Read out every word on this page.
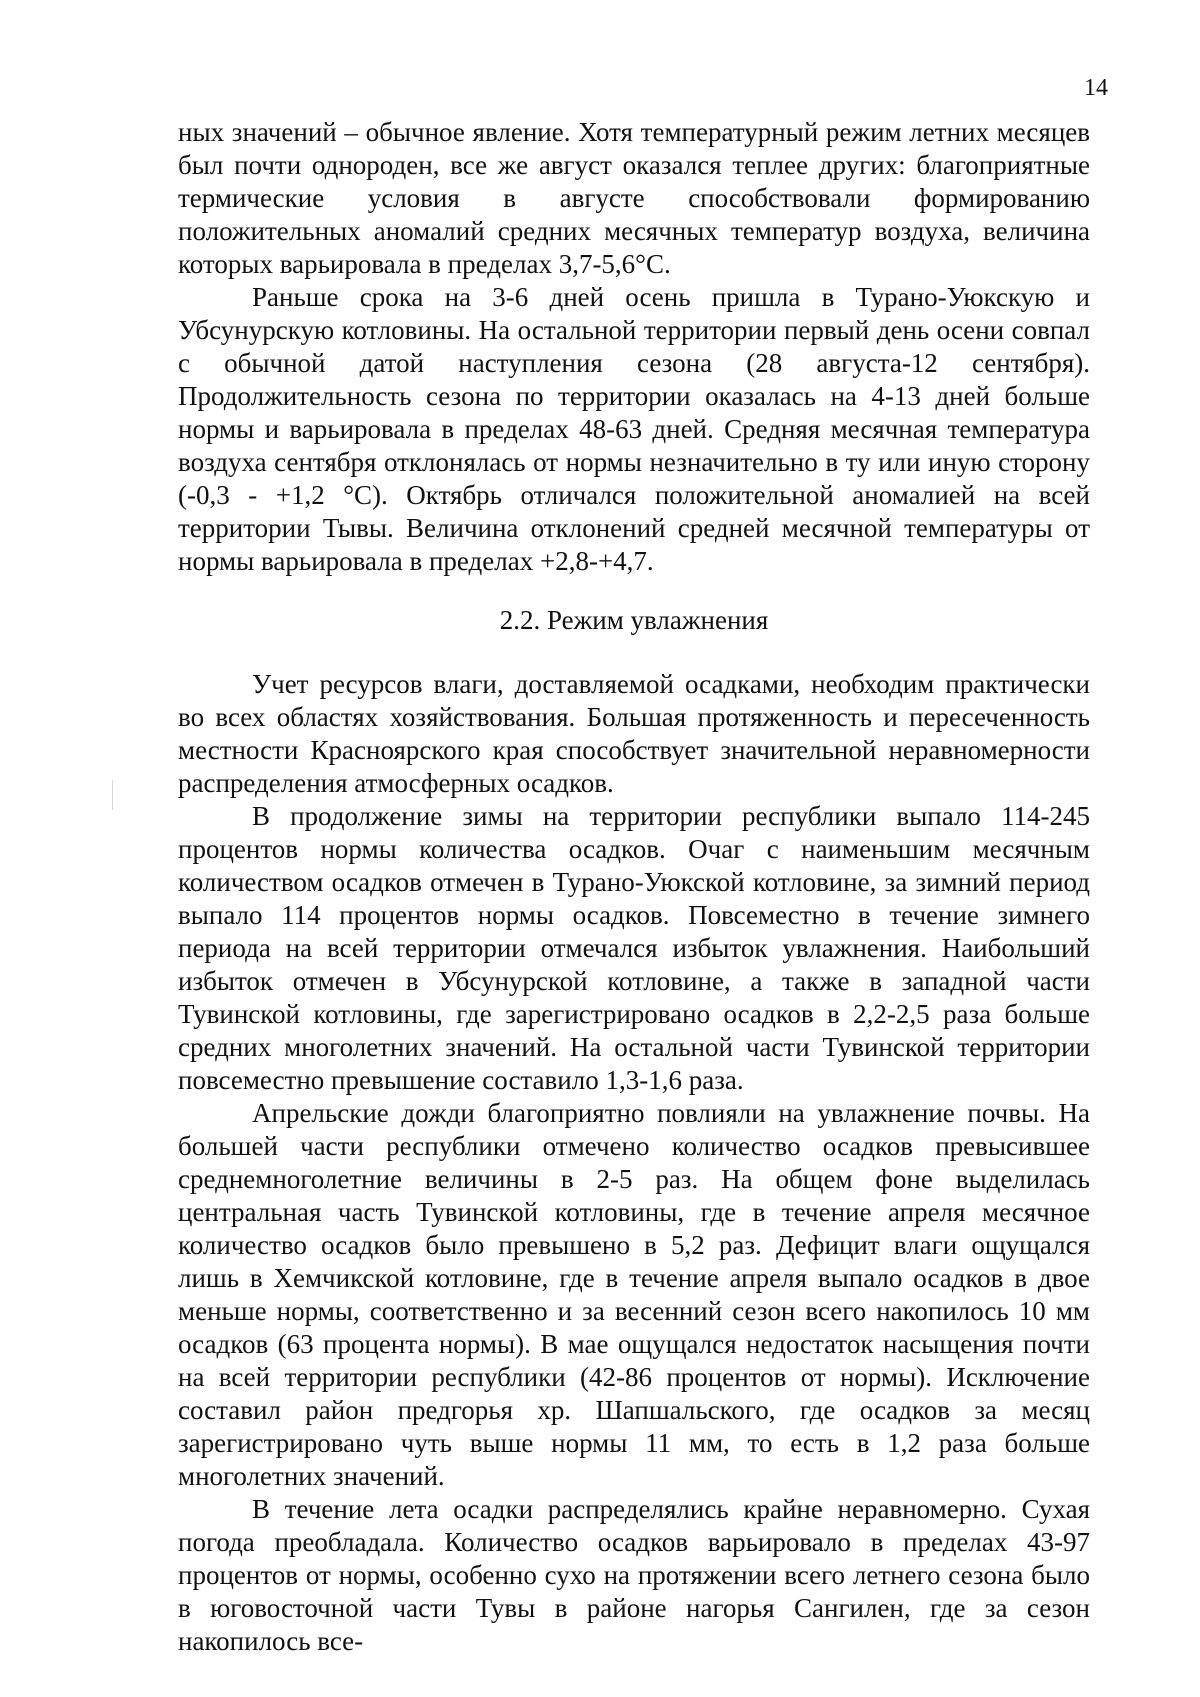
14

ных значений – обычное явление. Хотя температурный режим летних месяцев был почти однороден, все же август оказался теплее других: благоприятные термические условия в августе способствовали формированию положительных аномалий средних месячных температур воздуха, величина которых варьировала в пределах 3,7-5,6°С.

Раньше срока на 3-6 дней осень пришла в Турано-Уюкскую и Убсунурскую котловины. На остальной территории первый день осени совпал с обычной датой наступления сезона (28 августа-12 сентября). Продолжительность сезона по территории оказалась на 4-13 дней больше нормы и варьировала в пределах 48-63 дней. Средняя месячная температура воздуха сентября отклонялась от нормы незначительно в ту или иную сторону (-0,3 - +1,2 °С). Октябрь отличался положительной аномалией на всей территории Тывы. Величина отклонений средней месячной температуры от нормы варьировала в пределах +2,8-+4,7.

2.2. Режим увлажнения

Учет ресурсов влаги, доставляемой осадками, необходим практически во всех областях хозяйствования. Большая протяженность и пересеченность местности Красноярского края способствует значительной неравномерности распределения атмосферных осадков.

В продолжение зимы на территории республики выпало 114-245 процентов нормы количества осадков. Очаг с наименьшим месячным количеством осадков отмечен в Турано-Уюкской котловине, за зимний период выпало 114 процентов нормы осадков. Повсеместно в течение зимнего периода на всей территории отмечался избыток увлажнения. Наибольший избыток отмечен в Убсунурской котловине, а также в западной части Тувинской котловины, где зарегистрировано осадков в 2,2-2,5 раза больше средних многолетних значений. На остальной части Тувинской территории повсеместно превышение составило 1,3-1,6 раза.

Апрельские дожди благоприятно повлияли на увлажнение почвы. На большей части республики отмечено количество осадков превысившее среднемноголетние величины в 2-5 раз. На общем фоне выделилась центральная часть Тувинской котловины, где в течение апреля месячное количество осадков было превышено в 5,2 раз. Дефицит влаги ощущался лишь в Хемчикской котловине, где в течение апреля выпало осадков в двое меньше нормы, соответственно и за весенний сезон всего накопилось 10 мм осадков (63 процента нормы). В мае ощущался недостаток насыщения почти на всей территории республики (42-86 процентов от нормы). Исключение составил район предгорья хр. Шапшальского, где осадков за месяц зарегистрировано чуть выше нормы 11 мм, то есть в 1,2 раза больше многолетних значений.

В течение лета осадки распределялись крайне неравномерно. Сухая погода преобладала. Количество осадков варьировало в пределах 43-97 процентов от нормы, особенно сухо на протяжении всего летнего сезона было в юговосточной части Тувы в районе нагорья Сангилен, где за сезон накопилось все-
